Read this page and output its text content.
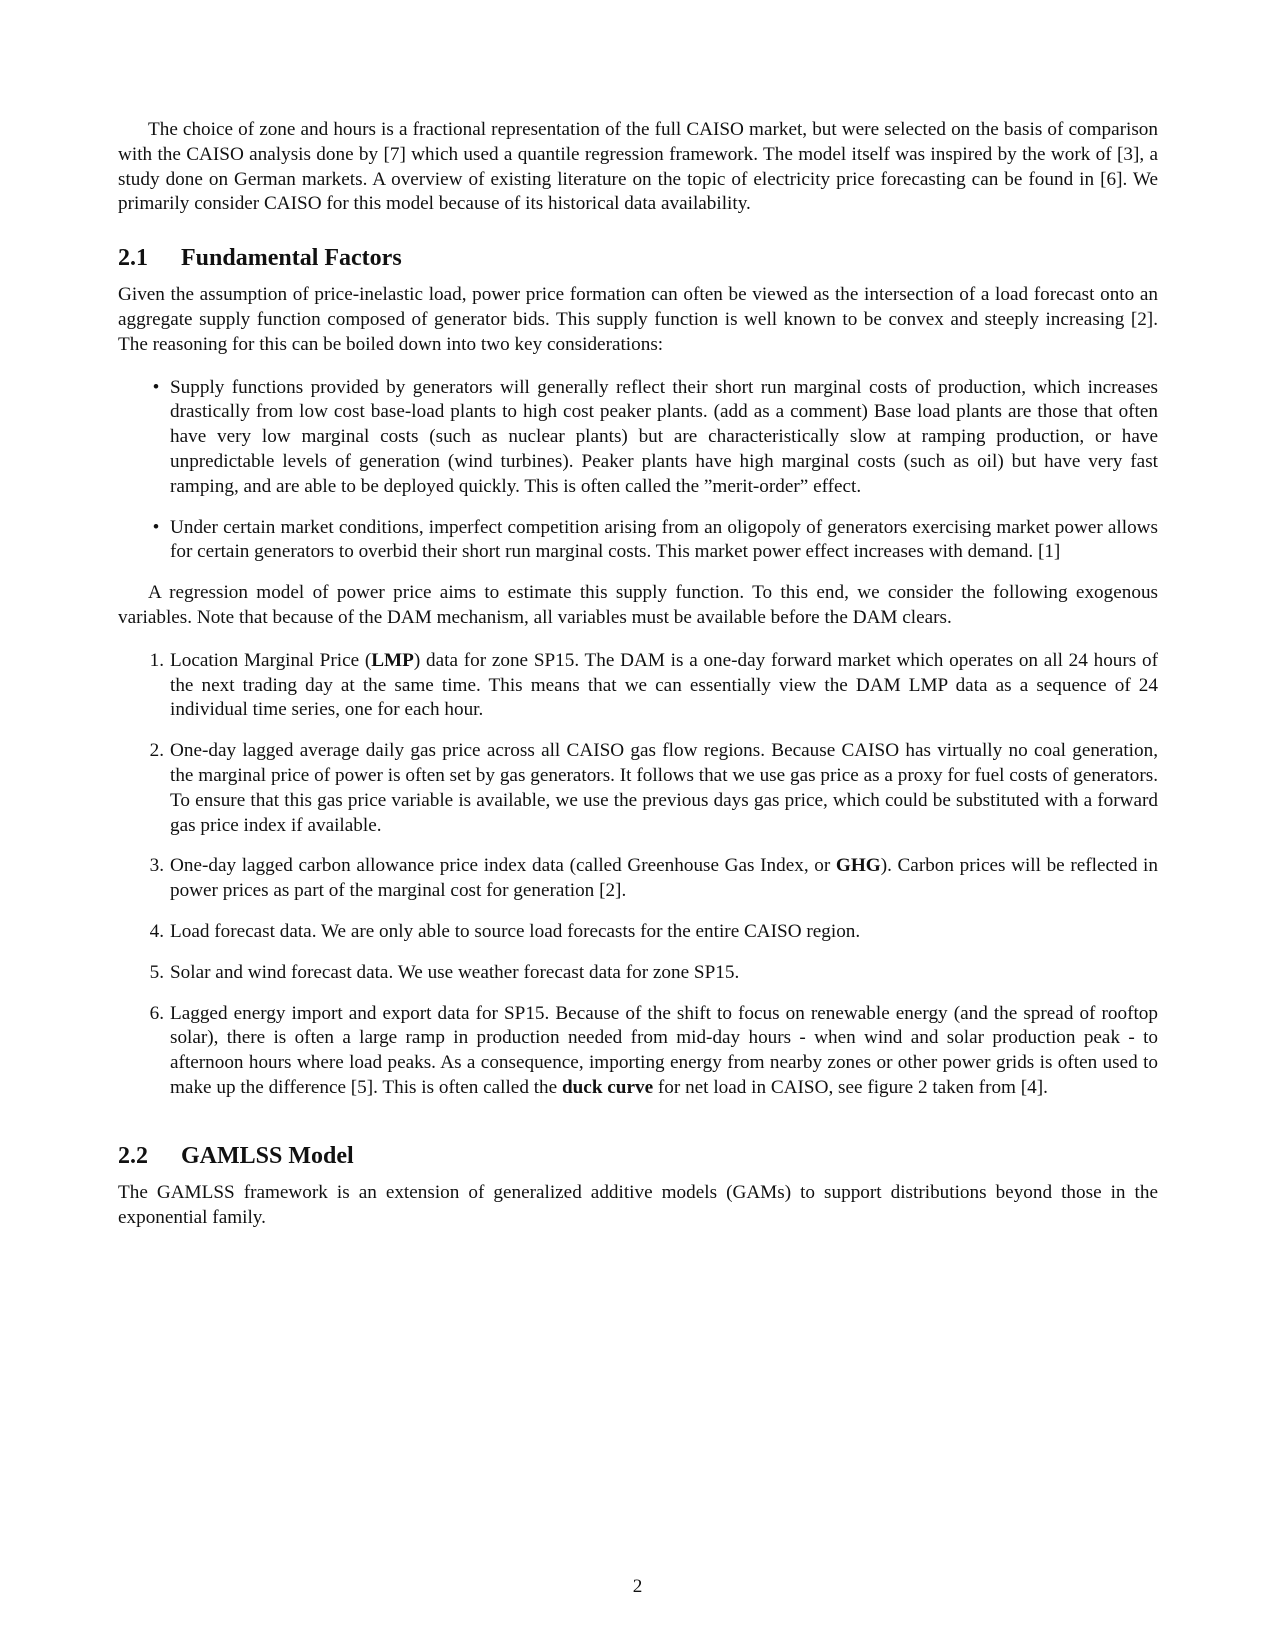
The choice of zone and hours is a fractional representation of the full CAISO market, but were selected on the basis of comparison with the CAISO analysis done by [7] which used a quantile regression framework. The model itself was inspired by the work of [3], a study done on German markets. A overview of existing literature on the topic of electricity price forecasting can be found in [6]. We primarily consider CAISO for this model because of its historical data availability.

2.1 Fundamental Factors

Given the assumption of price-inelastic load, power price formation can often be viewed as the intersection of a load forecast onto an aggregate supply function composed of generator bids. This supply function is well known to be convex and steeply increasing [2]. The reasoning for this can be boiled down into two key considerations:

• Supply functions provided by generators will generally reflect their short run marginal costs of production, which increases drastically from low cost base-load plants to high cost peaker plants. (add as a comment) Base load plants are those that often have very low marginal costs (such as nuclear plants) but are characteristically slow at ramping production, or have unpredictable levels of generation (wind turbines). Peaker plants have high marginal costs (such as oil) but have very fast ramping, and are able to be deployed quickly. This is often called the ”merit-order” effect.
• Under certain market conditions, imperfect competition arising from an oligopoly of generators exercising market power allows for certain generators to overbid their short run marginal costs. This market power effect increases with demand. [1]

A regression model of power price aims to estimate this supply function. To this end, we consider the following exogenous variables. Note that because of the DAM mechanism, all variables must be available before the DAM clears.

1. Location Marginal Price (LMP) data for zone SP15. The DAM is a one-day forward market which operates on all 24 hours of the next trading day at the same time. This means that we can essentially view the DAM LMP data as a sequence of 24 individual time series, one for each hour.
2. One-day lagged average daily gas price across all CAISO gas flow regions. Because CAISO has virtually no coal generation, the marginal price of power is often set by gas generators. It follows that we use gas price as a proxy for fuel costs of generators. To ensure that this gas price variable is available, we use the previous days gas price, which could be substituted with a forward gas price index if available.
3. One-day lagged carbon allowance price index data (called Greenhouse Gas Index, or GHG). Carbon prices will be reflected in power prices as part of the marginal cost for generation [2].
4. Load forecast data. We are only able to source load forecasts for the entire CAISO region.
5. Solar and wind forecast data. We use weather forecast data for zone SP15.
6. Lagged energy import and export data for SP15. Because of the shift to focus on renewable energy (and the spread of rooftop solar), there is often a large ramp in production needed from mid-day hours - when wind and solar production peak - to afternoon hours where load peaks. As a consequence, importing energy from nearby zones or other power grids is often used to make up the difference [5]. This is often called the duck curve for net load in CAISO, see figure 2 taken from [4].
2.2 GAMLSS Model

The GAMLSS framework is an extension of generalized additive models (GAMs) to support distributions beyond those in the exponential family.

2
